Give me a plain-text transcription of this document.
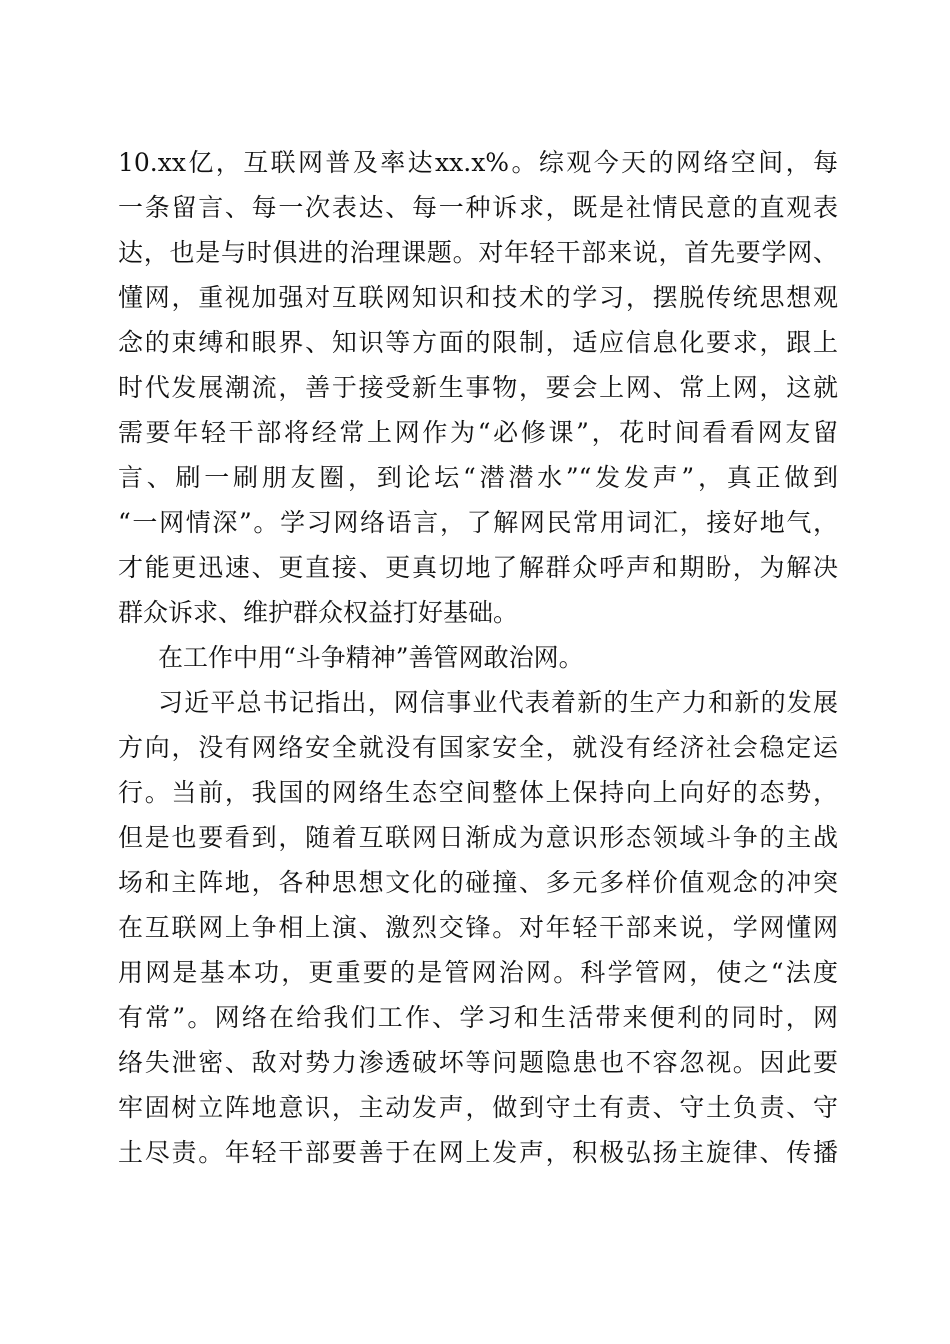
10.xx亿，互联网普及率达xx.x%。综观今天的网络空间，每
一条留言、每一次表达、每一种诉求，既是社情民意的直观表
达，也是与时俱进的治理课题。对年轻干部来说，首先要学网、
懂网，重视加强对互联网知识和技术的学习，摆脱传统思想观
念的束缚和眼界、知识等方面的限制，适应信息化要求，跟上
时代发展潮流，善于接受新生事物，要会上网、常上网，这就
需要年轻干部将经常上网作为“必修课”，花时间看看网友留
言、刷一刷朋友圈，到论坛“潜潜水”“发发声”，真正做到
“一网情深”。学习网络语言，了解网民常用词汇，接好地气，
才能更迅速、更直接、更真切地了解群众呼声和期盼，为解决
群众诉求、维护群众权益打好基础。
在工作中用“斗争精神”善管网敢治网。
习近平总书记指出，网信事业代表着新的生产力和新的发展
方向，没有网络安全就没有国家安全，就没有经济社会稳定运
行。当前，我国的网络生态空间整体上保持向上向好的态势，
但是也要看到，随着互联网日渐成为意识形态领域斗争的主战
场和主阵地，各种思想文化的碰撞、多元多样价值观念的冲突
在互联网上争相上演、激烈交锋。对年轻干部来说，学网懂网
用网是基本功，更重要的是管网治网。科学管网，使之“法度
有常”。网络在给我们工作、学习和生活带来便利的同时，网
络失泄密、敌对势力渗透破坏等问题隐患也不容忽视。因此要
牢固树立阵地意识，主动发声，做到守土有责、守土负责、守
土尽责。年轻干部要善于在网上发声，积极弘扬主旋律、传播
